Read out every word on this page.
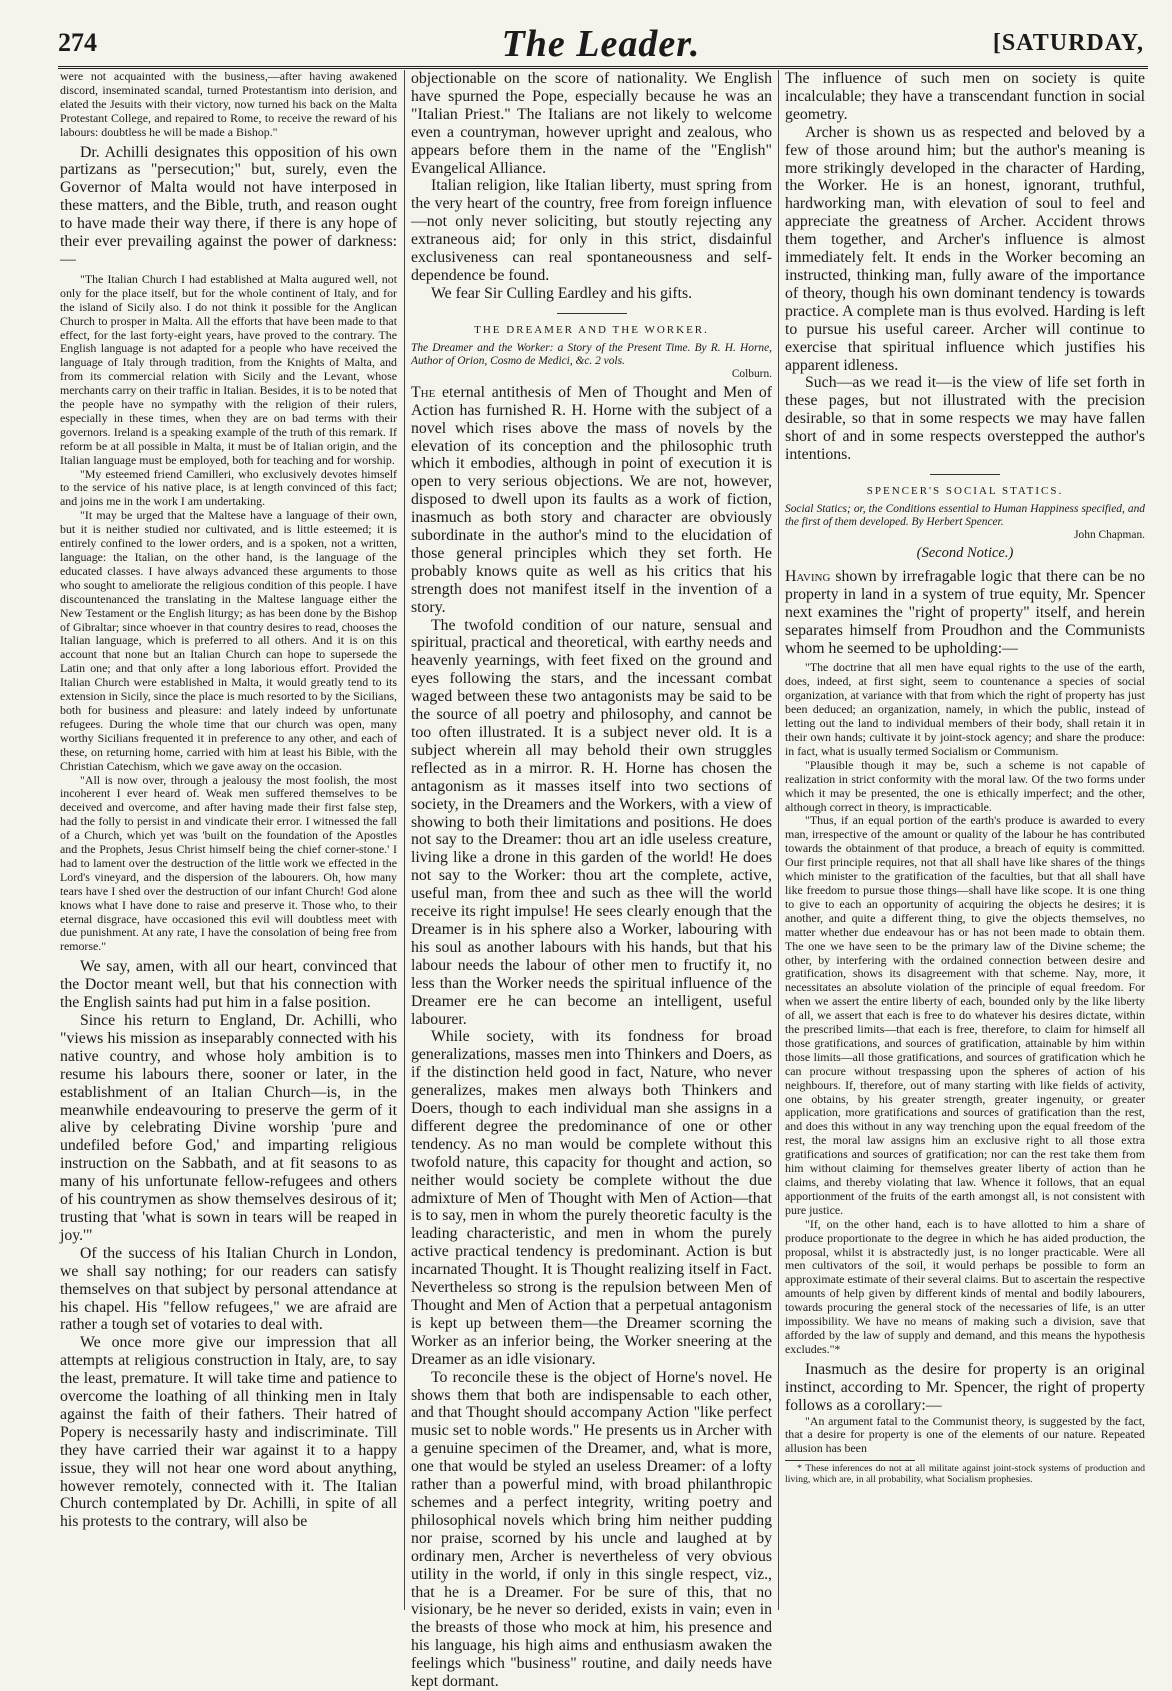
274	The Leader.	[SATURDAY,

were not acquainted with the business,—after having awakened discord, inseminated scandal, turned Protestantism into derision, and elated the Jesuits with their victory, now turned his back on the Malta Protestant College, and repaired to Rome, to receive the reward of his labours: doubtless he will be made a Bishop."

Dr. Achilli designates this opposition of his own partizans as "persecution;" but, surely, even the Governor of Malta would not have interposed in these matters, and the Bible, truth, and reason ought to have made their way there, if there is any hope of their ever prevailing against the power of darkness:—

"The Italian Church I had established at Malta augured well, not only for the place itself, but for the whole continent of Italy, and for the island of Sicily also. I do not think it possible for the Anglican Church to prosper in Malta. All the efforts that have been made to that effect, for the last forty-eight years, have proved to the contrary. The English language is not adapted for a people who have received the language of Italy through tradition, from the Knights of Malta, and from its commercial relation with Sicily and the Levant, whose merchants carry on their traffic in Italian. Besides, it is to be noted that the people have no sympathy with the religion of their rulers, especially in these times, when they are on bad terms with their governors. Ireland is a speaking example of the truth of this remark. If reform be at all possible in Malta, it must be of Italian origin, and the Italian language must be employed, both for teaching and for worship.

"My esteemed friend Camilleri, who exclusively devotes himself to the service of his native place, is at length convinced of this fact; and joins me in the work I am undertaking.

"It may be urged that the Maltese have a language of their own, but it is neither studied nor cultivated, and is little esteemed; it is entirely confined to the lower orders, and is a spoken, not a written, language: the Italian, on the other hand, is the language of the educated classes. I have always advanced these arguments to those who sought to ameliorate the religious condition of this people. I have discountenanced the translating in the Maltese language either the New Testament or the English liturgy; as has been done by the Bishop of Gibraltar; since whoever in that country desires to read, chooses the Italian language, which is preferred to all others. And it is on this account that none but an Italian Church can hope to supersede the Latin one; and that only after a long laborious effort. Provided the Italian Church were established in Malta, it would greatly tend to its extension in Sicily, since the place is much resorted to by the Sicilians, both for business and pleasure: and lately indeed by unfortunate refugees. During the whole time that our church was open, many worthy Sicilians frequented it in preference to any other, and each of these, on returning home, carried with him at least his Bible, with the Christian Catechism, which we gave away on the occasion.

"All is now over, through a jealousy the most foolish, the most incoherent I ever heard of. Weak men suffered themselves to be deceived and overcome, and after having made their first false step, had the folly to persist in and vindicate their error. I witnessed the fall of a Church, which yet was 'built on the foundation of the Apostles and the Prophets, Jesus Christ himself being the chief corner-stone.' I had to lament over the destruction of the little work we effected in the Lord's vineyard, and the dispersion of the labourers. Oh, how many tears have I shed over the destruction of our infant Church! God alone knows what I have done to raise and preserve it. Those who, to their eternal disgrace, have occasioned this evil will doubtless meet with due punishment. At any rate, I have the consolation of being free from remorse."

We say, amen, with all our heart, convinced that the Doctor meant well, but that his connection with the English saints had put him in a false position.

Since his return to England, Dr. Achilli, who "views his mission as inseparably connected with his native country, and whose holy ambition is to resume his labours there, sooner or later, in the establishment of an Italian Church—is, in the meanwhile endeavouring to preserve the germ of it alive by celebrating Divine worship 'pure and undefiled before God,' and imparting religious instruction on the Sabbath, and at fit seasons to as many of his unfortunate fellow-refugees and others of his countrymen as show themselves desirous of it; trusting that 'what is sown in tears will be reaped in joy.'"

Of the success of his Italian Church in London, we shall say nothing; for our readers can satisfy themselves on that subject by personal attendance at his chapel. His "fellow refugees," we are afraid are rather a tough set of votaries to deal with.

We once more give our impression that all attempts at religious construction in Italy, are, to say the least, premature. It will take time and patience to overcome the loathing of all thinking men in Italy against the faith of their fathers. Their hatred of Popery is necessarily hasty and indiscriminate. Till they have carried their war against it to a happy issue, they will not hear one word about anything, however remotely, connected with it. The Italian Church contemplated by Dr. Achilli, in spite of all his protests to the contrary, will also be

objectionable on the score of nationality. We English have spurned the Pope, especially because he was an "Italian Priest." The Italians are not likely to welcome even a countryman, however upright and zealous, who appears before them in the name of the "English" Evangelical Alliance.

Italian religion, like Italian liberty, must spring from the very heart of the country, free from foreign influence—not only never soliciting, but stoutly rejecting any extraneous aid; for only in this strict, disdainful exclusiveness can real spontaneousness and self-dependence be found.

We fear Sir Culling Eardley and his gifts.

THE DREAMER AND THE WORKER.

The Dreamer and the Worker: a Story of the Present Time. By R. H. Horne, Author of Orion, Cosmo de Medici, &c. 2 vols.

Colburn.

The eternal antithesis of Men of Thought and Men of Action has furnished R. H. Horne with the subject of a novel which rises above the mass of novels by the elevation of its conception and the philosophic truth which it embodies, although in point of execution it is open to very serious objections. We are not, however, disposed to dwell upon its faults as a work of fiction, inasmuch as both story and character are obviously subordinate in the author's mind to the elucidation of those general principles which they set forth. He probably knows quite as well as his critics that his strength does not manifest itself in the invention of a story.

The twofold condition of our nature, sensual and spiritual, practical and theoretical, with earthy needs and heavenly yearnings, with feet fixed on the ground and eyes following the stars, and the incessant combat waged between these two antagonists may be said to be the source of all poetry and philosophy, and cannot be too often illustrated. It is a subject never old. It is a subject wherein all may behold their own struggles reflected as in a mirror. R. H. Horne has chosen the antagonism as it masses itself into two sections of society, in the Dreamers and the Workers, with a view of showing to both their limitations and positions. He does not say to the Dreamer: thou art an idle useless creature, living like a drone in this garden of the world! He does not say to the Worker: thou art the complete, active, useful man, from thee and such as thee will the world receive its right impulse! He sees clearly enough that the Dreamer is in his sphere also a Worker, labouring with his soul as another labours with his hands, but that his labour needs the labour of other men to fructify it, no less than the Worker needs the spiritual influence of the Dreamer ere he can become an intelligent, useful labourer.

While society, with its fondness for broad generalizations, masses men into Thinkers and Doers, as if the distinction held good in fact, Nature, who never generalizes, makes men always both Thinkers and Doers, though to each individual man she assigns in a different degree the predominance of one or other tendency. As no man would be complete without this twofold nature, this capacity for thought and action, so neither would society be complete without the due admixture of Men of Thought with Men of Action—that is to say, men in whom the purely theoretic faculty is the leading characteristic, and men in whom the purely active practical tendency is predominant. Action is but incarnated Thought. It is Thought realizing itself in Fact. Nevertheless so strong is the repulsion between Men of Thought and Men of Action that a perpetual antagonism is kept up between them—the Dreamer scorning the Worker as an inferior being, the Worker sneering at the Dreamer as an idle visionary.

To reconcile these is the object of Horne's novel. He shows them that both are indispensable to each other, and that Thought should accompany Action "like perfect music set to noble words." He presents us in Archer with a genuine specimen of the Dreamer, and, what is more, one that would be styled an useless Dreamer: of a lofty rather than a powerful mind, with broad philanthropic schemes and a perfect integrity, writing poetry and philosophical novels which bring him neither pudding nor praise, scorned by his uncle and laughed at by ordinary men, Archer is nevertheless of very obvious utility in the world, if only in this single respect, viz., that he is a Dreamer. For be sure of this, that no visionary, be he never so derided, exists in vain; even in the breasts of those who mock at him, his presence and his language, his high aims and enthusiasm awaken the feelings which "business" routine, and daily needs have kept dormant.

The influence of such men on society is quite incalculable; they have a transcendant function in social geometry.

Archer is shown us as respected and beloved by a few of those around him; but the author's meaning is more strikingly developed in the character of Harding, the Worker. He is an honest, ignorant, truthful, hardworking man, with elevation of soul to feel and appreciate the greatness of Archer. Accident throws them together, and Archer's influence is almost immediately felt. It ends in the Worker becoming an instructed, thinking man, fully aware of the importance of theory, though his own dominant tendency is towards practice. A complete man is thus evolved. Harding is left to pursue his useful career. Archer will continue to exercise that spiritual influence which justifies his apparent idleness.

Such—as we read it—is the view of life set forth in these pages, but not illustrated with the precision desirable, so that in some respects we may have fallen short of and in some respects overstepped the author's intentions.

SPENCER'S SOCIAL STATICS.

Social Statics; or, the Conditions essential to Human Happiness specified, and the first of them developed. By Herbert Spencer.

John Chapman.

(Second Notice.)

Having shown by irrefragable logic that there can be no property in land in a system of true equity, Mr. Spencer next examines the "right of property" itself, and herein separates himself from Proudhon and the Communists whom he seemed to be upholding:—

"The doctrine that all men have equal rights to the use of the earth, does, indeed, at first sight, seem to countenance a species of social organization, at variance with that from which the right of property has just been deduced; an organization, namely, in which the public, instead of letting out the land to individual members of their body, shall retain it in their own hands; cultivate it by joint-stock agency; and share the produce: in fact, what is usually termed Socialism or Communism.

"Plausible though it may be, such a scheme is not capable of realization in strict conformity with the moral law. Of the two forms under which it may be presented, the one is ethically imperfect; and the other, although correct in theory, is impracticable.

"Thus, if an equal portion of the earth's produce is awarded to every man, irrespective of the amount or quality of the labour he has contributed towards the obtainment of that produce, a breach of equity is committed. Our first principle requires, not that all shall have like shares of the things which minister to the gratification of the faculties, but that all shall have like freedom to pursue those things—shall have like scope. It is one thing to give to each an opportunity of acquiring the objects he desires; it is another, and quite a different thing, to give the objects themselves, no matter whether due endeavour has or has not been made to obtain them. The one we have seen to be the primary law of the Divine scheme; the other, by interfering with the ordained connection between desire and gratification, shows its disagreement with that scheme. Nay, more, it necessitates an absolute violation of the principle of equal freedom. For when we assert the entire liberty of each, bounded only by the like liberty of all, we assert that each is free to do whatever his desires dictate, within the prescribed limits—that each is free, therefore, to claim for himself all those gratifications, and sources of gratification, attainable by him within those limits—all those gratifications, and sources of gratification which he can procure without trespassing upon the spheres of action of his neighbours. If, therefore, out of many starting with like fields of activity, one obtains, by his greater strength, greater ingenuity, or greater application, more gratifications and sources of gratification than the rest, and does this without in any way trenching upon the equal freedom of the rest, the moral law assigns him an exclusive right to all those extra gratifications and sources of gratification; nor can the rest take them from him without claiming for themselves greater liberty of action than he claims, and thereby violating that law. Whence it follows, that an equal apportionment of the fruits of the earth amongst all, is not consistent with pure justice.

"If, on the other hand, each is to have allotted to him a share of produce proportionate to the degree in which he has aided production, the proposal, whilst it is abstractedly just, is no longer practicable. Were all men cultivators of the soil, it would perhaps be possible to form an approximate estimate of their several claims. But to ascertain the respective amounts of help given by different kinds of mental and bodily labourers, towards procuring the general stock of the necessaries of life, is an utter impossibility. We have no means of making such a division, save that afforded by the law of supply and demand, and this means the hypothesis excludes."*

Inasmuch as the desire for property is an original instinct, according to Mr. Spencer, the right of property follows as a corollary:—

"An argument fatal to the Communist theory, is suggested by the fact, that a desire for property is one of the elements of our nature. Repeated allusion has been

* These inferences do not at all militate against joint-stock systems of production and living, which are, in all probability, what Socialism prophesies.
